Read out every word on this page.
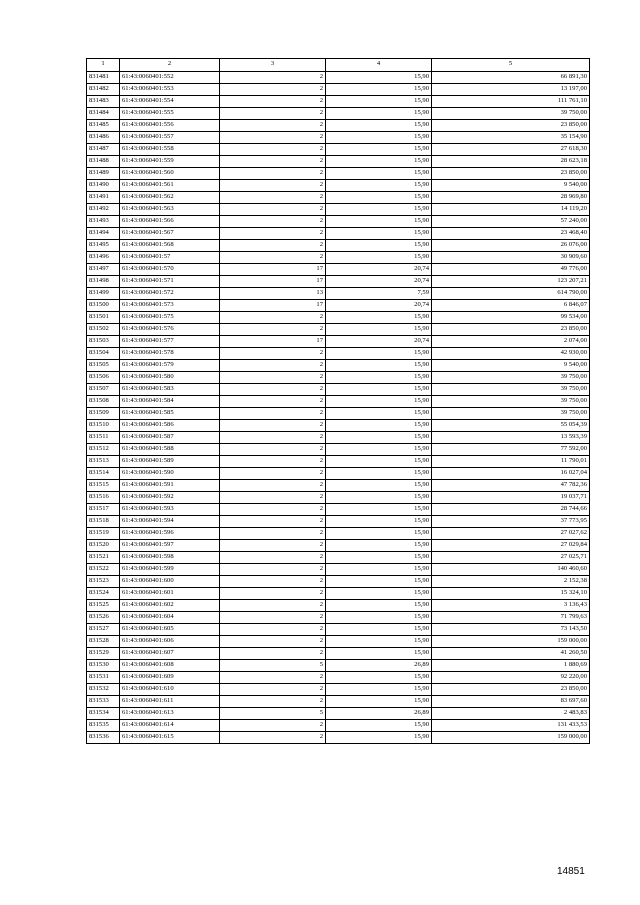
1	2	3	4	5
831481	61:43:0060401:552	2	15,90	66 891,30
831482	61:43:0060401:553	2	15,90	13 197,00
831483	61:43:0060401:554	2	15,90	111 761,10
831484	61:43:0060401:555	2	15,90	39 750,00
831485	61:43:0060401:556	2	15,90	23 850,00
831486	61:43:0060401:557	2	15,90	35 154,90
831487	61:43:0060401:558	2	15,90	27 618,30
831488	61:43:0060401:559	2	15,90	28 623,18
831489	61:43:0060401:560	2	15,90	23 850,00
831490	61:43:0060401:561	2	15,90	9 540,00
831491	61:43:0060401:562	2	15,90	28 969,80
831492	61:43:0060401:563	2	15,90	14 119,20
831493	61:43:0060401:566	2	15,90	57 240,00
831494	61:43:0060401:567	2	15,90	23 468,40
831495	61:43:0060401:568	2	15,90	26 076,00
831496	61:43:0060401:57	2	15,90	30 909,60
831497	61:43:0060401:570	17	20,74	49 776,00
831498	61:43:0060401:571	17	20,74	123 207,21
831499	61:43:0060401:572	13	7,59	614 790,00
831500	61:43:0060401:573	17	20,74	6 846,07
831501	61:43:0060401:575	2	15,90	99 534,00
831502	61:43:0060401:576	2	15,90	23 850,00
831503	61:43:0060401:577	17	20,74	2 074,00
831504	61:43:0060401:578	2	15,90	42 930,00
831505	61:43:0060401:579	2	15,90	9 540,00
831506	61:43:0060401:580	2	15,90	39 750,00
831507	61:43:0060401:583	2	15,90	39 750,00
831508	61:43:0060401:584	2	15,90	39 750,00
831509	61:43:0060401:585	2	15,90	39 750,00
831510	61:43:0060401:586	2	15,90	55 054,39
831511	61:43:0060401:587	2	15,90	13 593,39
831512	61:43:0060401:588	2	15,90	77 592,00
831513	61:43:0060401:589	2	15,90	11 790,01
831514	61:43:0060401:590	2	15,90	16 027,04
831515	61:43:0060401:591	2	15,90	47 782,36
831516	61:43:0060401:592	2	15,90	19 037,71
831517	61:43:0060401:593	2	15,90	28 744,66
831518	61:43:0060401:594	2	15,90	37 773,95
831519	61:43:0060401:596	2	15,90	27 027,62
831520	61:43:0060401:597	2	15,90	27 029,84
831521	61:43:0060401:598	2	15,90	27 025,71
831522	61:43:0060401:599	2	15,90	140 460,60
831523	61:43:0060401:600	2	15,90	2 152,38
831524	61:43:0060401:601	2	15,90	15 324,10
831525	61:43:0060401:602	2	15,90	3 136,43
831526	61:43:0060401:604	2	15,90	71 799,63
831527	61:43:0060401:605	2	15,90	73 143,50
831528	61:43:0060401:606	2	15,90	159 000,00
831529	61:43:0060401:607	2	15,90	41 260,50
831530	61:43:0060401:608	5	26,89	1 880,69
831531	61:43:0060401:609	2	15,90	92 220,00
831532	61:43:0060401:610	2	15,90	23 850,00
831533	61:43:0060401:611	2	15,90	83 697,60
831534	61:43:0060401:613	5	26,89	2 483,83
831535	61:43:0060401:614	2	15,90	131 433,53
831536	61:43:0060401:615	2	15,90	159 000,00
14851
